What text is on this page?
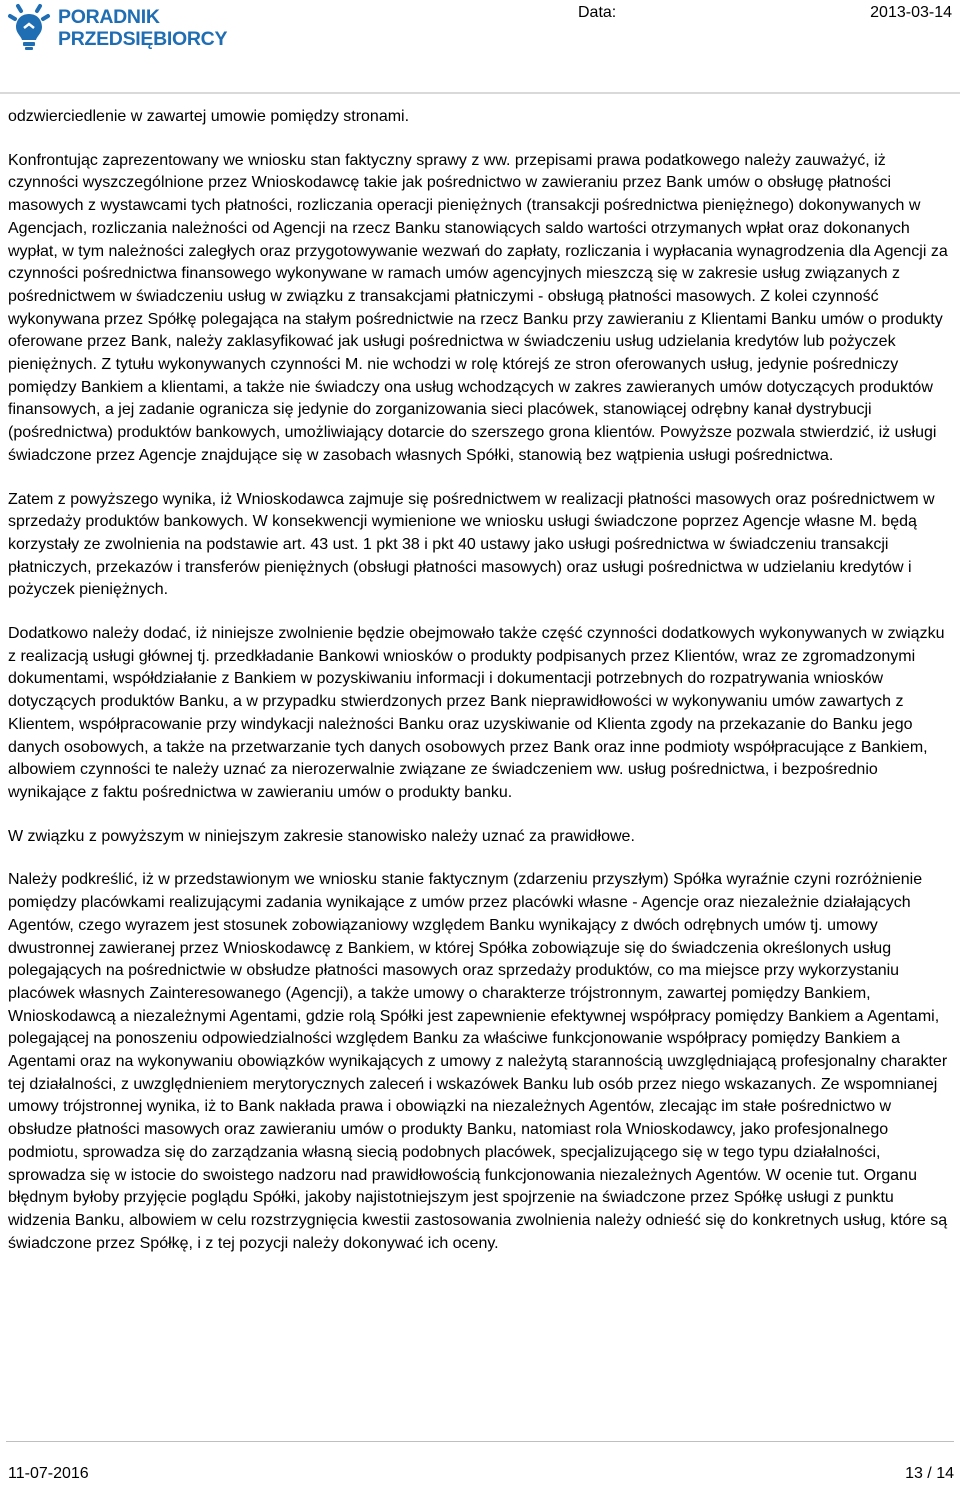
PORADNIK
PRZEDSIĘBIORCY
Data:	2013-03-14

odzwierciedlenie w zawartej umowie pomiędzy stronami.

Konfrontując zaprezentowany we wniosku stan faktyczny sprawy z ww. przepisami prawa podatkowego należy zauważyć, iż czynności wyszczególnione przez Wnioskodawcę takie jak pośrednictwo w zawieraniu przez Bank umów o obsługę płatności masowych z wystawcami tych płatności, rozliczania operacji pieniężnych (transakcji pośrednictwa pieniężnego) dokonywanych w Agencjach, rozliczania należności od Agencji na rzecz Banku stanowiących saldo wartości otrzymanych wpłat oraz dokonanych wypłat, w tym należności zaległych oraz przygotowywanie wezwań do zapłaty, rozliczania i wypłacania wynagrodzenia dla Agencji za czynności pośrednictwa finansowego wykonywane w ramach umów agencyjnych mieszczą się w zakresie usług związanych z pośrednictwem w świadczeniu usług w związku z transakcjami płatniczymi - obsługą płatności masowych. Z kolei czynność wykonywana przez Spółkę polegająca na stałym pośrednictwie na rzecz Banku przy zawieraniu z Klientami Banku umów o produkty oferowane przez Bank, należy zaklasyfikować jak usługi pośrednictwa w świadczeniu usług udzielania kredytów lub pożyczek pieniężnych. Z tytułu wykonywanych czynności M. nie wchodzi w rolę którejś ze stron oferowanych usług, jedynie pośredniczy pomiędzy Bankiem a klientami, a także nie świadczy ona usług wchodzących w zakres zawieranych umów dotyczących produktów finansowych, a jej zadanie ogranicza się jedynie do zorganizowania sieci placówek, stanowiącej odrębny kanał dystrybucji (pośrednictwa) produktów bankowych, umożliwiający dotarcie do szerszego grona klientów. Powyższe pozwala stwierdzić, iż usługi świadczone przez Agencje znajdujące się w zasobach własnych Spółki, stanowią bez wątpienia usługi pośrednictwa.

Zatem z powyższego wynika, iż Wnioskodawca zajmuje się pośrednictwem w realizacji płatności masowych oraz pośrednictwem w sprzedaży produktów bankowych. W konsekwencji wymienione we wniosku usługi świadczone poprzez Agencje własne M. będą korzystały ze zwolnienia na podstawie art. 43 ust. 1 pkt 38 i pkt 40 ustawy jako usługi pośrednictwa w świadczeniu transakcji płatniczych, przekazów i transferów pieniężnych (obsługi płatności masowych) oraz usługi pośrednictwa w udzielaniu kredytów i pożyczek pieniężnych.

Dodatkowo należy dodać, iż niniejsze zwolnienie będzie obejmowało także część czynności dodatkowych wykonywanych w związku z realizacją usługi głównej tj. przedkładanie Bankowi wniosków o produkty podpisanych przez Klientów, wraz ze zgromadzonymi dokumentami, współdziałanie z Bankiem w pozyskiwaniu informacji i dokumentacji potrzebnych do rozpatrywania wniosków dotyczących produktów Banku, a w przypadku stwierdzonych przez Bank nieprawidłowości w wykonywaniu umów zawartych z Klientem, współpracowanie przy windykacji należności Banku oraz uzyskiwanie od Klienta zgody na przekazanie do Banku jego danych osobowych, a także na przetwarzanie tych danych osobowych przez Bank oraz inne podmioty współpracujące z Bankiem, albowiem czynności te należy uznać za nierozerwalnie związane ze świadczeniem ww. usług pośrednictwa, i bezpośrednio wynikające z faktu pośrednictwa w zawieraniu umów o produkty banku.

W związku z powyższym w niniejszym zakresie stanowisko należy uznać za prawidłowe.

Należy podkreślić, iż w przedstawionym we wniosku stanie faktycznym (zdarzeniu przyszłym) Spółka wyraźnie czyni rozróżnienie pomiędzy placówkami realizującymi zadania wynikające z umów przez placówki własne - Agencje oraz niezależnie działających Agentów, czego wyrazem jest stosunek zobowiązaniowy względem Banku wynikający z dwóch odrębnych umów tj. umowy dwustronnej zawieranej przez Wnioskodawcę z Bankiem, w której Spółka zobowiązuje się do świadczenia określonych usług polegających na pośrednictwie w obsłudze płatności masowych oraz sprzedaży produktów, co ma miejsce przy wykorzystaniu placówek własnych Zainteresowanego (Agencji), a także umowy o charakterze trójstronnym, zawartej pomiędzy Bankiem, Wnioskodawcą a niezależnymi Agentami, gdzie rolą Spółki jest zapewnienie efektywnej współpracy pomiędzy Bankiem a Agentami, polegającej na ponoszeniu odpowiedzialności względem Banku za właściwe funkcjonowanie współpracy pomiędzy Bankiem a Agentami oraz na wykonywaniu obowiązków wynikających z umowy z należytą starannością uwzględniającą profesjonalny charakter tej działalności, z uwzględnieniem merytorycznych zaleceń i wskazówek Banku lub osób przez niego wskazanych. Ze wspomnianej umowy trójstronnej wynika, iż to Bank nakłada prawa i obowiązki na niezależnych Agentów, zlecając im stałe pośrednictwo w obsłudze płatności masowych oraz zawieraniu umów o produkty Banku, natomiast rola Wnioskodawcy, jako profesjonalnego podmiotu, sprowadza się do zarządzania własną siecią podobnych placówek, specjalizującego się w tego typu działalności, sprowadza się w istocie do swoistego nadzoru nad prawidłowością funkcjonowania niezależnych Agentów. W ocenie tut. Organu błędnym byłoby przyjęcie poglądu Spółki, jakoby najistotniejszym jest spojrzenie na świadczone przez Spółkę usługi z punktu widzenia Banku, albowiem w celu rozstrzygnięcia kwestii zastosowania zwolnienia należy odnieść się do konkretnych usług, które są świadczone przez Spółkę, i z tej pozycji należy dokonywać ich oceny.

11-07-2016	13 / 14
